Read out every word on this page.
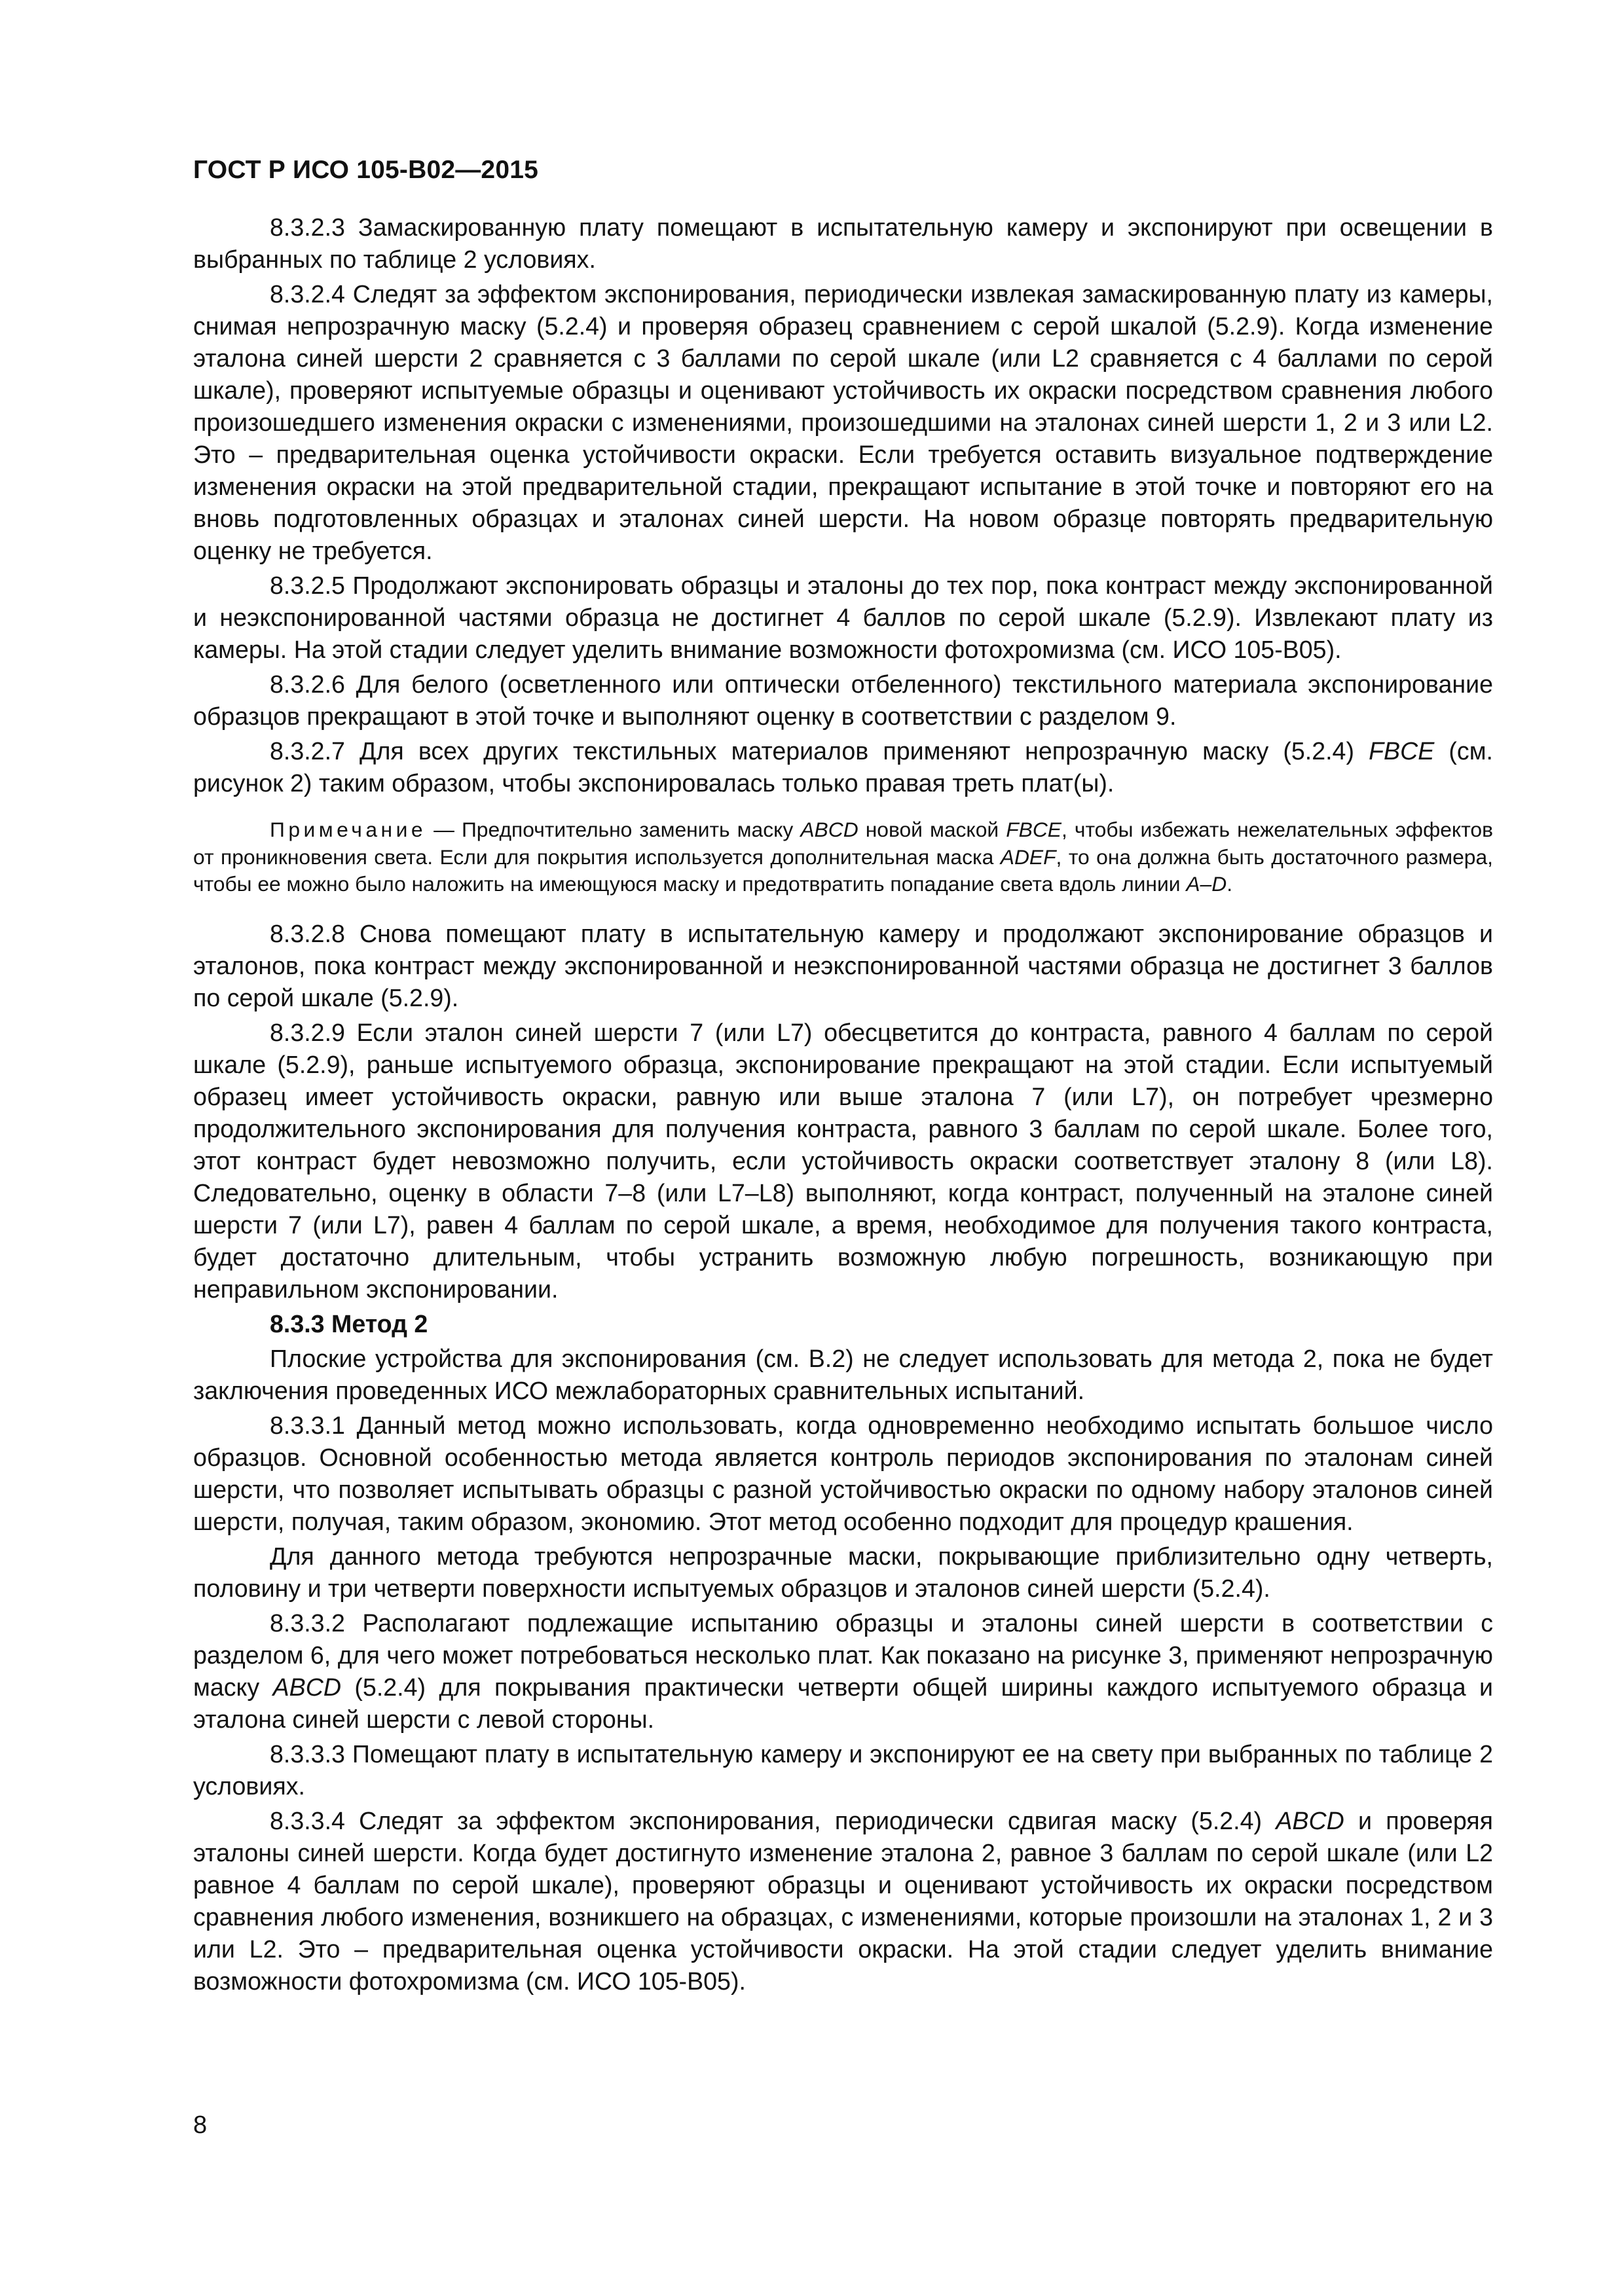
ГОСТ Р ИСО 105-B02—2015

8.3.2.3 Замаскированную плату помещают в испытательную камеру и экспонируют при освещении в выбранных по таблице 2 условиях.

8.3.2.4 Следят за эффектом экспонирования, периодически извлекая замаскированную плату из камеры, снимая непрозрачную маску (5.2.4) и проверяя образец сравнением с серой шкалой (5.2.9). Когда изменение эталона синей шерсти 2 сравняется с 3 баллами по серой шкале (или L2 сравняется с 4 баллами по серой шкале), проверяют испытуемые образцы и оценивают устойчивость их окраски посредством сравнения любого произошедшего изменения окраски с изменениями, произошедшими на эталонах синей шерсти 1, 2 и 3 или L2. Это – предварительная оценка устойчивости окраски. Если требуется оставить визуальное подтверждение изменения окраски на этой предварительной стадии, прекращают испытание в этой точке и повторяют его на вновь подготовленных образцах и эталонах синей шерсти. На новом образце повторять предварительную оценку не требуется.

8.3.2.5 Продолжают экспонировать образцы и эталоны до тех пор, пока контраст между экспонированной и неэкспонированной частями образца не достигнет 4 баллов по серой шкале (5.2.9). Извлекают плату из камеры. На этой стадии следует уделить внимание возможности фотохромизма (см. ИСО 105-B05).

8.3.2.6 Для белого (осветленного или оптически отбеленного) текстильного материала экспонирование образцов прекращают в этой точке и выполняют оценку в соответствии с разделом 9.

8.3.2.7 Для всех других текстильных материалов применяют непрозрачную маску (5.2.4) FBCE (см. рисунок 2) таким образом, чтобы экспонировалась только правая треть плат(ы).

Примечание — Предпочтительно заменить маску ABCD новой маской FBCE, чтобы избежать нежелательных эффектов от проникновения света. Если для покрытия используется дополнительная маска ADEF, то она должна быть достаточного размера, чтобы ее можно было наложить на имеющуюся маску и предотвратить попадание света вдоль линии A–D.

8.3.2.8 Снова помещают плату в испытательную камеру и продолжают экспонирование образцов и эталонов, пока контраст между экспонированной и неэкспонированной частями образца не достигнет 3 баллов по серой шкале (5.2.9).

8.3.2.9 Если эталон синей шерсти 7 (или L7) обесцветится до контраста, равного 4 баллам по серой шкале (5.2.9), раньше испытуемого образца, экспонирование прекращают на этой стадии. Если испытуемый образец имеет устойчивость окраски, равную или выше эталона 7 (или L7), он потребует чрезмерно продолжительного экспонирования для получения контраста, равного 3 баллам по серой шкале. Более того, этот контраст будет невозможно получить, если устойчивость окраски соответствует эталону 8 (или L8). Следовательно, оценку в области 7–8 (или L7–L8) выполняют, когда контраст, полученный на эталоне синей шерсти 7 (или L7), равен 4 баллам по серой шкале, а время, необходимое для получения такого контраста, будет достаточно длительным, чтобы устранить возможную любую погрешность, возникающую при неправильном экспонировании.

8.3.3 Метод 2

Плоские устройства для экспонирования (см. B.2) не следует использовать для метода 2, пока не будет заключения проведенных ИСО межлабораторных сравнительных испытаний.

8.3.3.1 Данный метод можно использовать, когда одновременно необходимо испытать большое число образцов. Основной особенностью метода является контроль периодов экспонирования по эталонам синей шерсти, что позволяет испытывать образцы с разной устойчивостью окраски по одному набору эталонов синей шерсти, получая, таким образом, экономию. Этот метод особенно подходит для процедур крашения.

Для данного метода требуются непрозрачные маски, покрывающие приблизительно одну четверть, половину и три четверти поверхности испытуемых образцов и эталонов синей шерсти (5.2.4).

8.3.3.2 Располагают подлежащие испытанию образцы и эталоны синей шерсти в соответствии с разделом 6, для чего может потребоваться несколько плат. Как показано на рисунке 3, применяют непрозрачную маску ABCD (5.2.4) для покрывания практически четверти общей ширины каждого испытуемого образца и эталона синей шерсти с левой стороны.

8.3.3.3 Помещают плату в испытательную камеру и экспонируют ее на свету при выбранных по таблице 2 условиях.

8.3.3.4 Следят за эффектом экспонирования, периодически сдвигая маску (5.2.4) ABCD и проверяя эталоны синей шерсти. Когда будет достигнуто изменение эталона 2, равное 3 баллам по серой шкале (или L2 равное 4 баллам по серой шкале), проверяют образцы и оценивают устойчивость их окраски посредством сравнения любого изменения, возникшего на образцах, с изменениями, которые произошли на эталонах 1, 2 и 3 или L2. Это – предварительная оценка устойчивости окраски. На этой стадии следует уделить внимание возможности фотохромизма (см. ИСО 105-B05).

8
